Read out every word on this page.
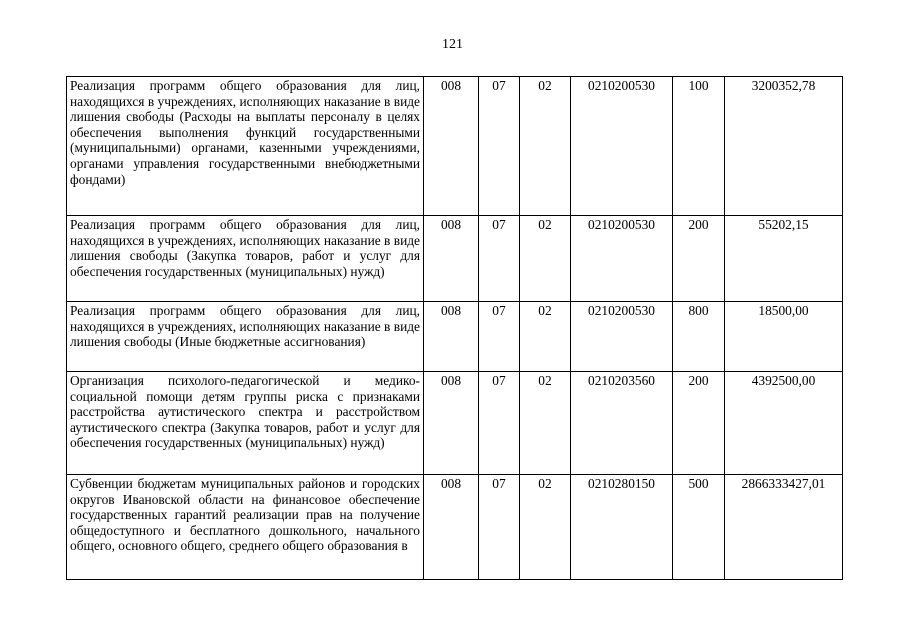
121
Реализация программ общего образования для лиц, находящихся в учреждениях, исполняющих наказание в виде лишения свободы (Расходы на выплаты персоналу в целях обеспечения выполнения функций государственными (муниципальными) органами, казенными учреждениями, органами управления государственными внебюджетными фондами)	008	07	02	0210200530	100	3200352,78
Реализация программ общего образования для лиц, находящихся в учреждениях, исполняющих наказание в виде лишения свободы (Закупка товаров, работ и услуг для обеспечения государственных (муниципальных) нужд)	008	07	02	0210200530	200	55202,15
Реализация программ общего образования для лиц, находящихся в учреждениях, исполняющих наказание в виде лишения свободы (Иные бюджетные ассигнования)	008	07	02	0210200530	800	18500,00
Организация психолого-педагогической и медико-социальной помощи детям группы риска с признаками расстройства аутистического спектра и расстройством аутистического спектра (Закупка товаров, работ и услуг для обеспечения государственных (муниципальных) нужд)	008	07	02	0210203560	200	4392500,00
Субвенции бюджетам муниципальных районов и городских округов Ивановской области на финансовое обеспечение государственных гарантий реализации прав на получение общедоступного и бесплатного дошкольного, начального общего, основного общего, среднего общего образования в	008	07	02	0210280150	500	2866333427,01
